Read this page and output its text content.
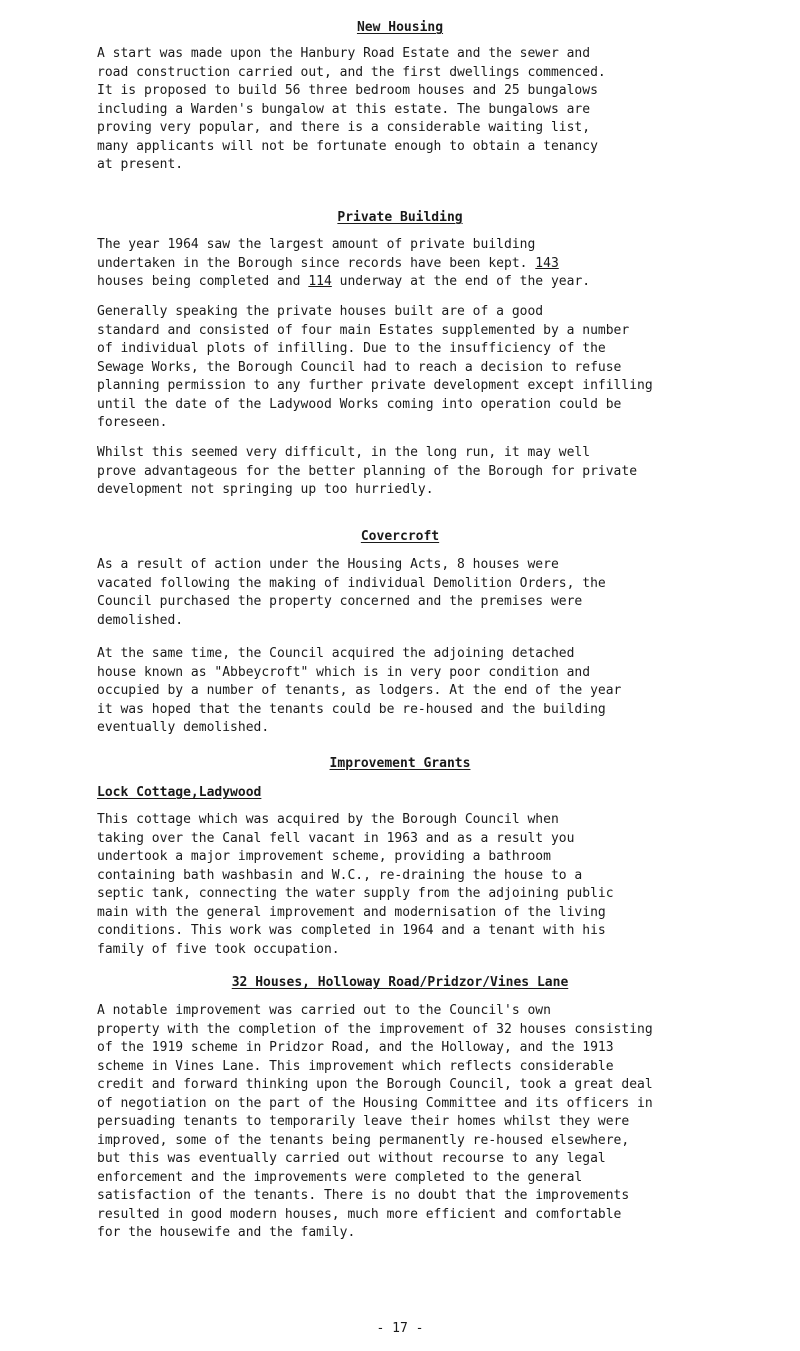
New Housing

A start was made upon the Hanbury Road Estate and the sewer and
road construction carried out, and the first dwellings commenced.
It is proposed to build 56 three bedroom houses and 25 bungalows
including a Warden's bungalow at this estate. The bungalows are
proving very popular, and there is a considerable waiting list,
many applicants will not be fortunate enough to obtain a tenancy
at present.

Private Building

The year 1964 saw the largest amount of private building
undertaken in the Borough since records have been kept. 143
houses being completed and 114 underway at the end of the year.

Generally speaking the private houses built are of a good
standard and consisted of four main Estates supplemented by a number
of individual plots of infilling. Due to the insufficiency of the
Sewage Works, the Borough Council had to reach a decision to refuse
planning permission to any further private development except infilling
until the date of the Ladywood Works coming into operation could be
foreseen.

Whilst this seemed very difficult, in the long run, it may well
prove advantageous for the better planning of the Borough for private
development not springing up too hurriedly.

Covercroft

As a result of action under the Housing Acts, 8 houses were
vacated following the making of individual Demolition Orders, the
Council purchased the property concerned and the premises were
demolished.

At the same time, the Council acquired the adjoining detached
house known as "Abbeycroft" which is in very poor condition and
occupied by a number of tenants, as lodgers. At the end of the year
it was hoped that the tenants could be re-housed and the building
eventually demolished.

Improvement Grants
Lock Cottage,Ladywood

This cottage which was acquired by the Borough Council when
taking over the Canal fell vacant in 1963 and as a result you
undertook a major improvement scheme, providing a bathroom
containing bath washbasin and W.C., re-draining the house to a
septic tank, connecting the water supply from the adjoining public
main with the general improvement and modernisation of the living
conditions. This work was completed in 1964 and a tenant with his
family of five took occupation.

32 Houses, Holloway Road/Pridzor/Vines Lane

A notable improvement was carried out to the Council's own
property with the completion of the improvement of 32 houses consisting
of the 1919 scheme in Pridzor Road, and the Holloway, and the 1913
scheme in Vines Lane. This improvement which reflects considerable
credit and forward thinking upon the Borough Council, took a great deal
of negotiation on the part of the Housing Committee and its officers in
persuading tenants to temporarily leave their homes whilst they were
improved, some of the tenants being permanently re-housed elsewhere,
but this was eventually carried out without recourse to any legal
enforcement and the improvements were completed to the general
satisfaction of the tenants. There is no doubt that the improvements
resulted in good modern houses, much more efficient and comfortable
for the housewife and the family.

- 17 -
